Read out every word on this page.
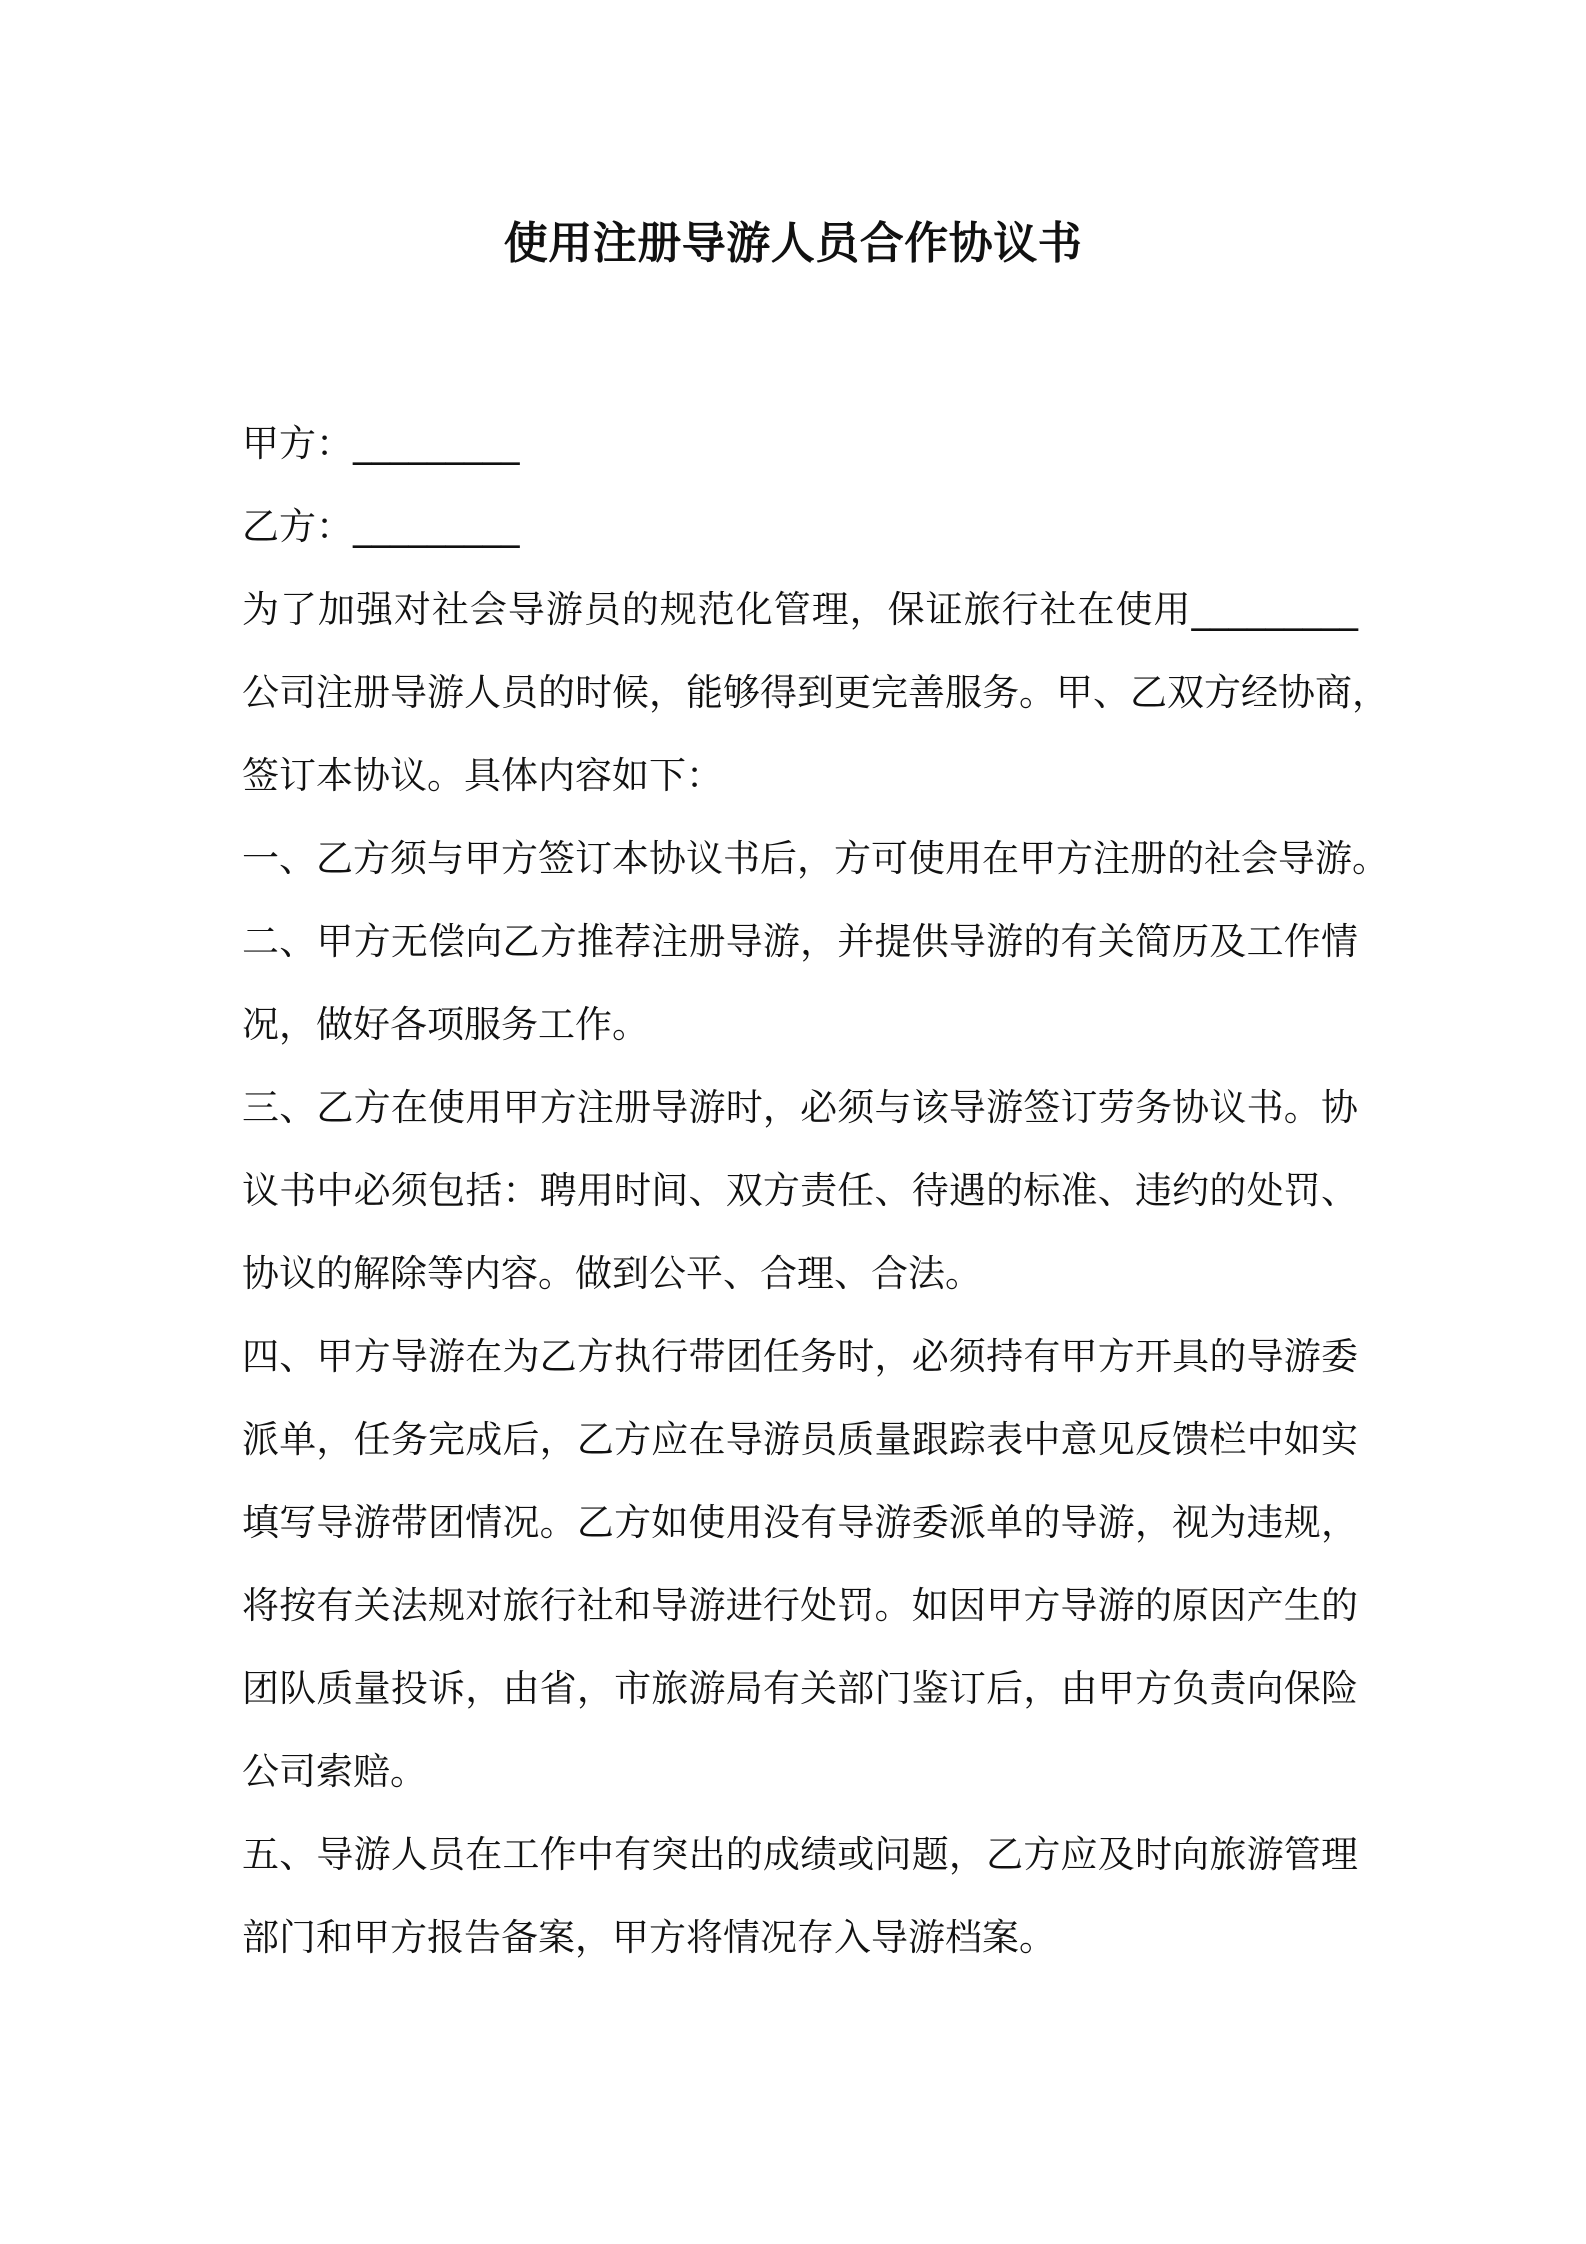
使用注册导游人员合作协议书
甲方：_________
乙方：_________
为了加强对社会导游员的规范化管理，保证旅行社在使用_________
公司注册导游人员的时候，能够得到更完善服务。甲、乙双方经协商，
签订本协议。具体内容如下：
一、乙方须与甲方签订本协议书后，方可使用在甲方注册的社会导游。
二、甲方无偿向乙方推荐注册导游，并提供导游的有关简历及工作情
况，做好各项服务工作。
三、乙方在使用甲方注册导游时，必须与该导游签订劳务协议书。协
议书中必须包括：聘用时间、双方责任、待遇的标准、违约的处罚、
协议的解除等内容。做到公平、合理、合法。
四、甲方导游在为乙方执行带团任务时，必须持有甲方开具的导游委
派单，任务完成后，乙方应在导游员质量跟踪表中意见反馈栏中如实
填写导游带团情况。乙方如使用没有导游委派单的导游，视为违规，
将按有关法规对旅行社和导游进行处罚。如因甲方导游的原因产生的
团队质量投诉，由省，市旅游局有关部门鉴订后，由甲方负责向保险
公司索赔。
五、导游人员在工作中有突出的成绩或问题，乙方应及时向旅游管理
部门和甲方报告备案，甲方将情况存入导游档案。
